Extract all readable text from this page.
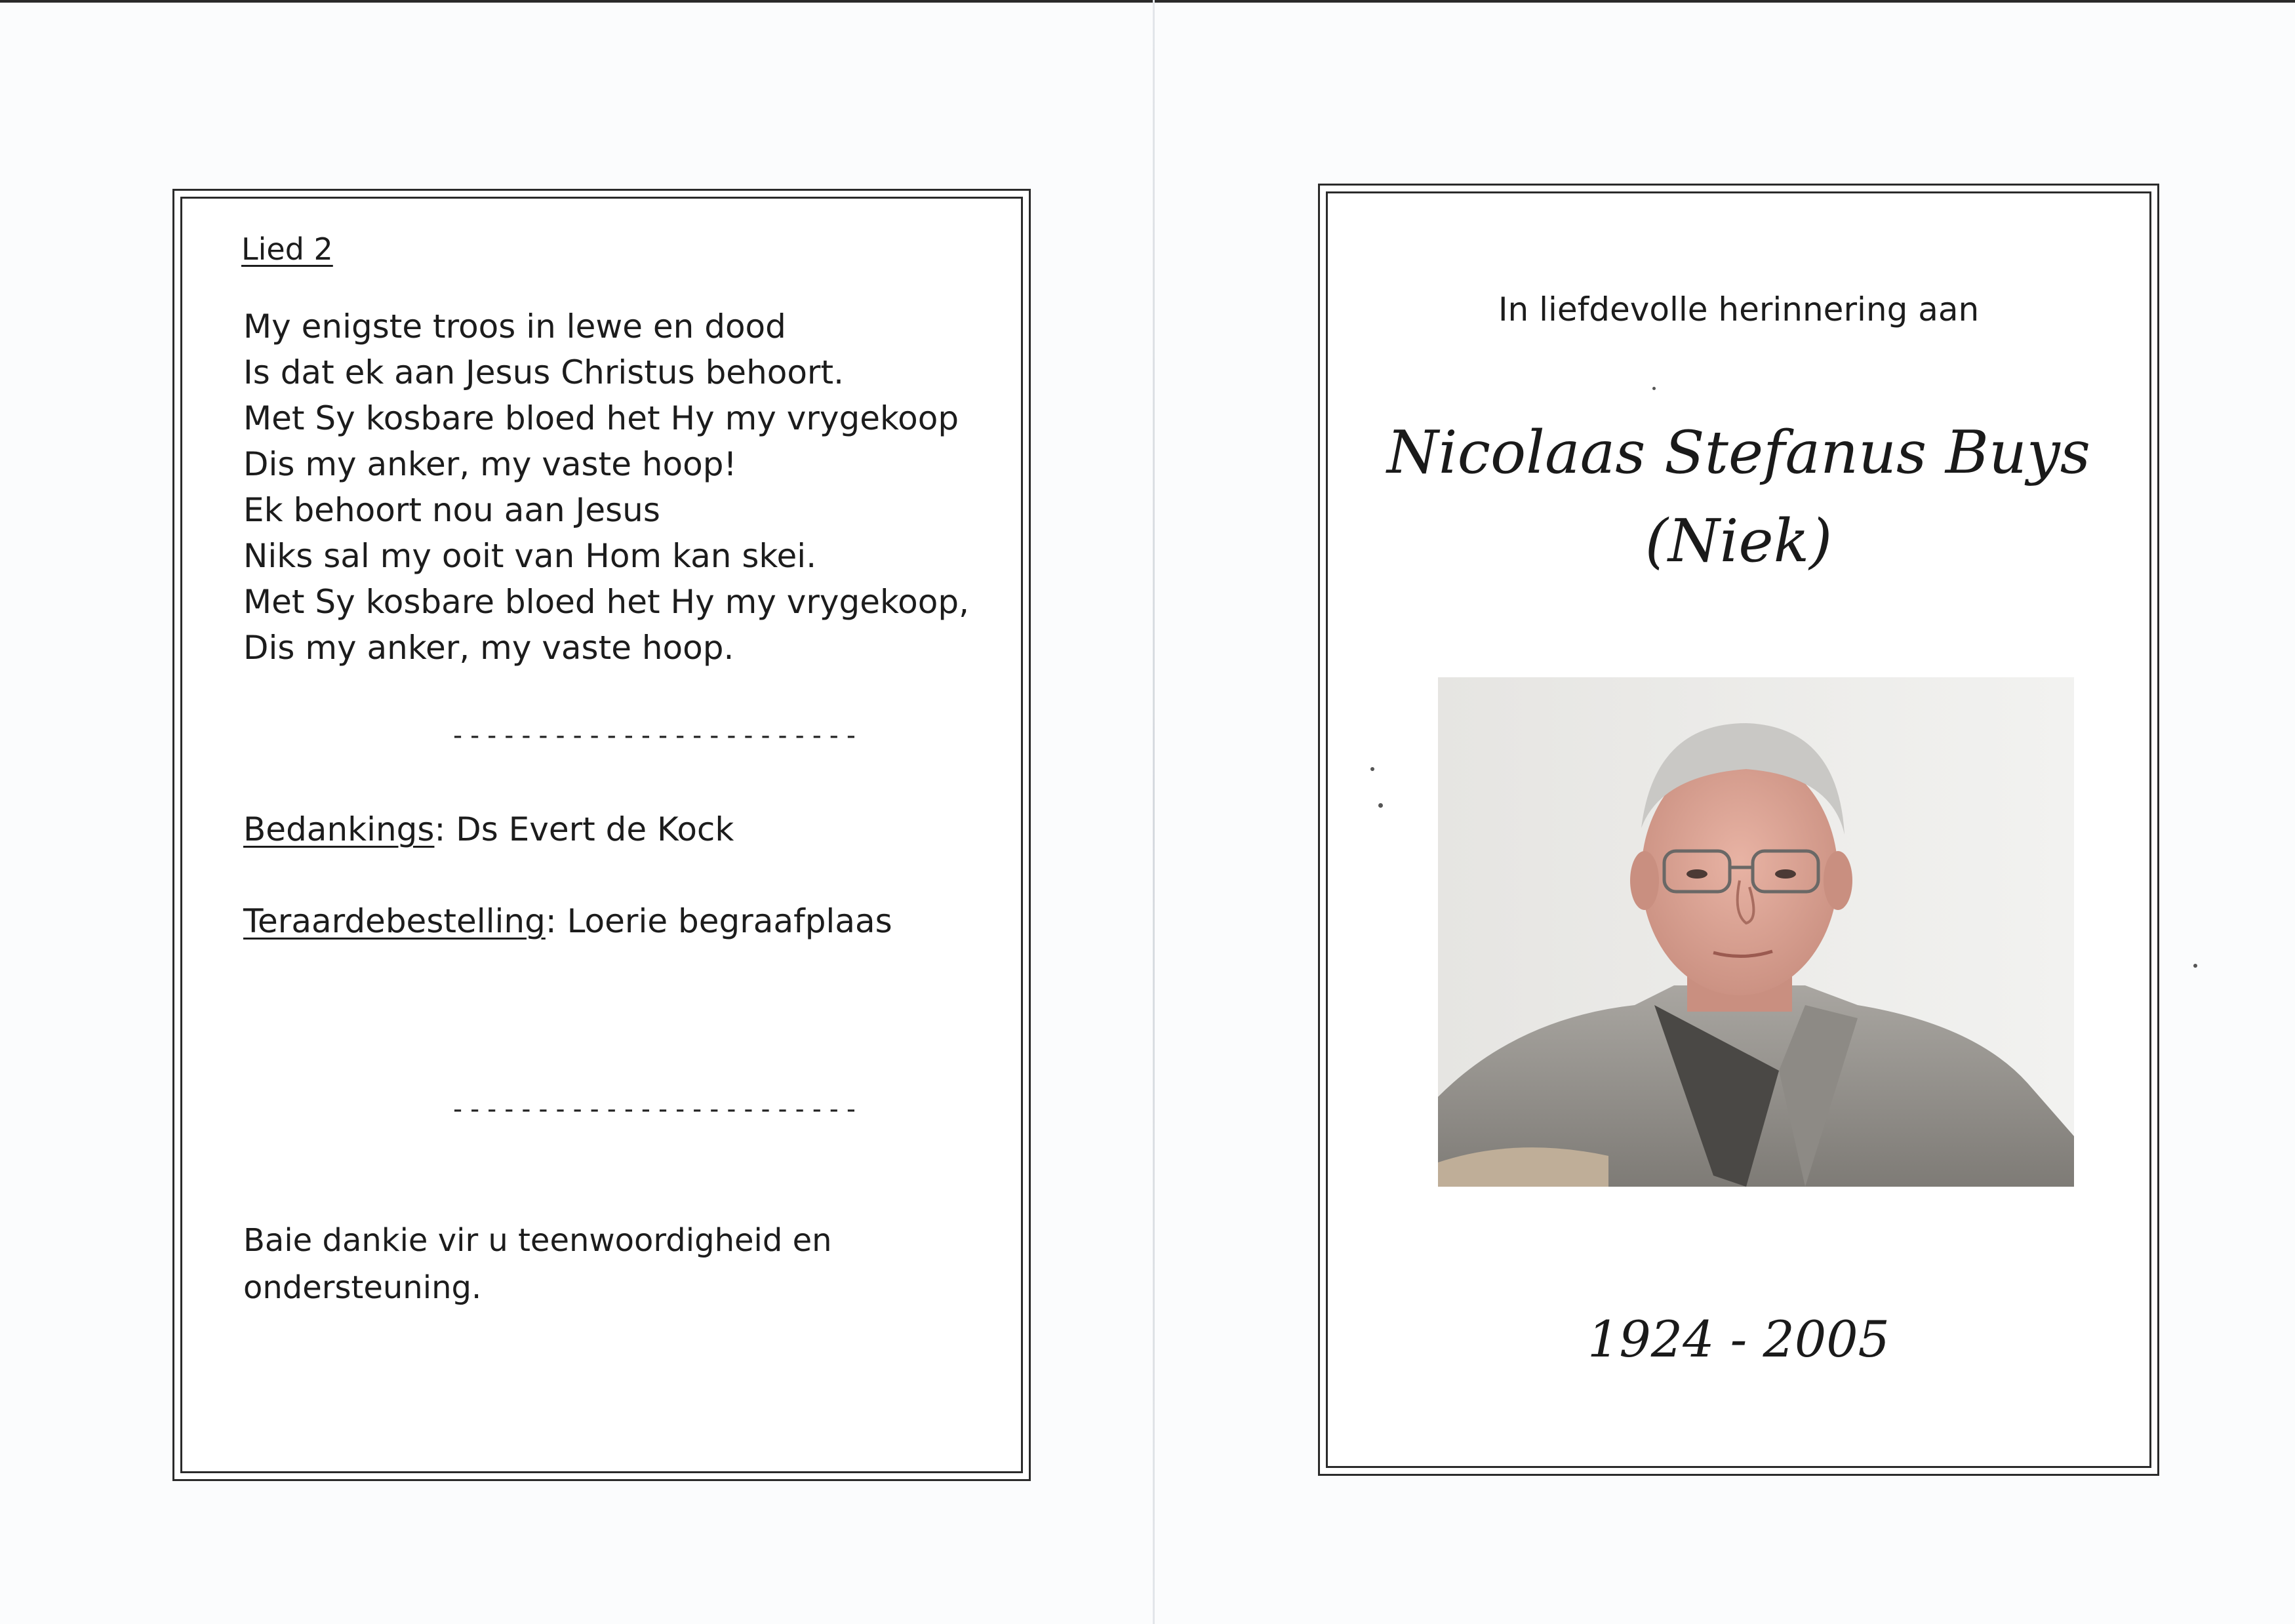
Lied 2
My enigste troos in lewe en dood
Is dat ek aan Jesus Christus behoort.
Met Sy kosbare bloed het Hy my vrygekoop
Dis my anker, my vaste hoop!
Ek behoort nou aan Jesus
Niks sal my ooit van Hom kan skei.
Met Sy kosbare bloed het Hy my vrygekoop,
Dis my anker, my vaste hoop.
------------------------
Bedankings: Ds Evert de Kock
Teraardebestelling: Loerie begraafplaas
------------------------
Baie dankie vir u teenwoordigheid en
ondersteuning.
In liefdevolle herinnering aan
Nicolaas Stefanus Buys
(Niek)
1924 - 2005
